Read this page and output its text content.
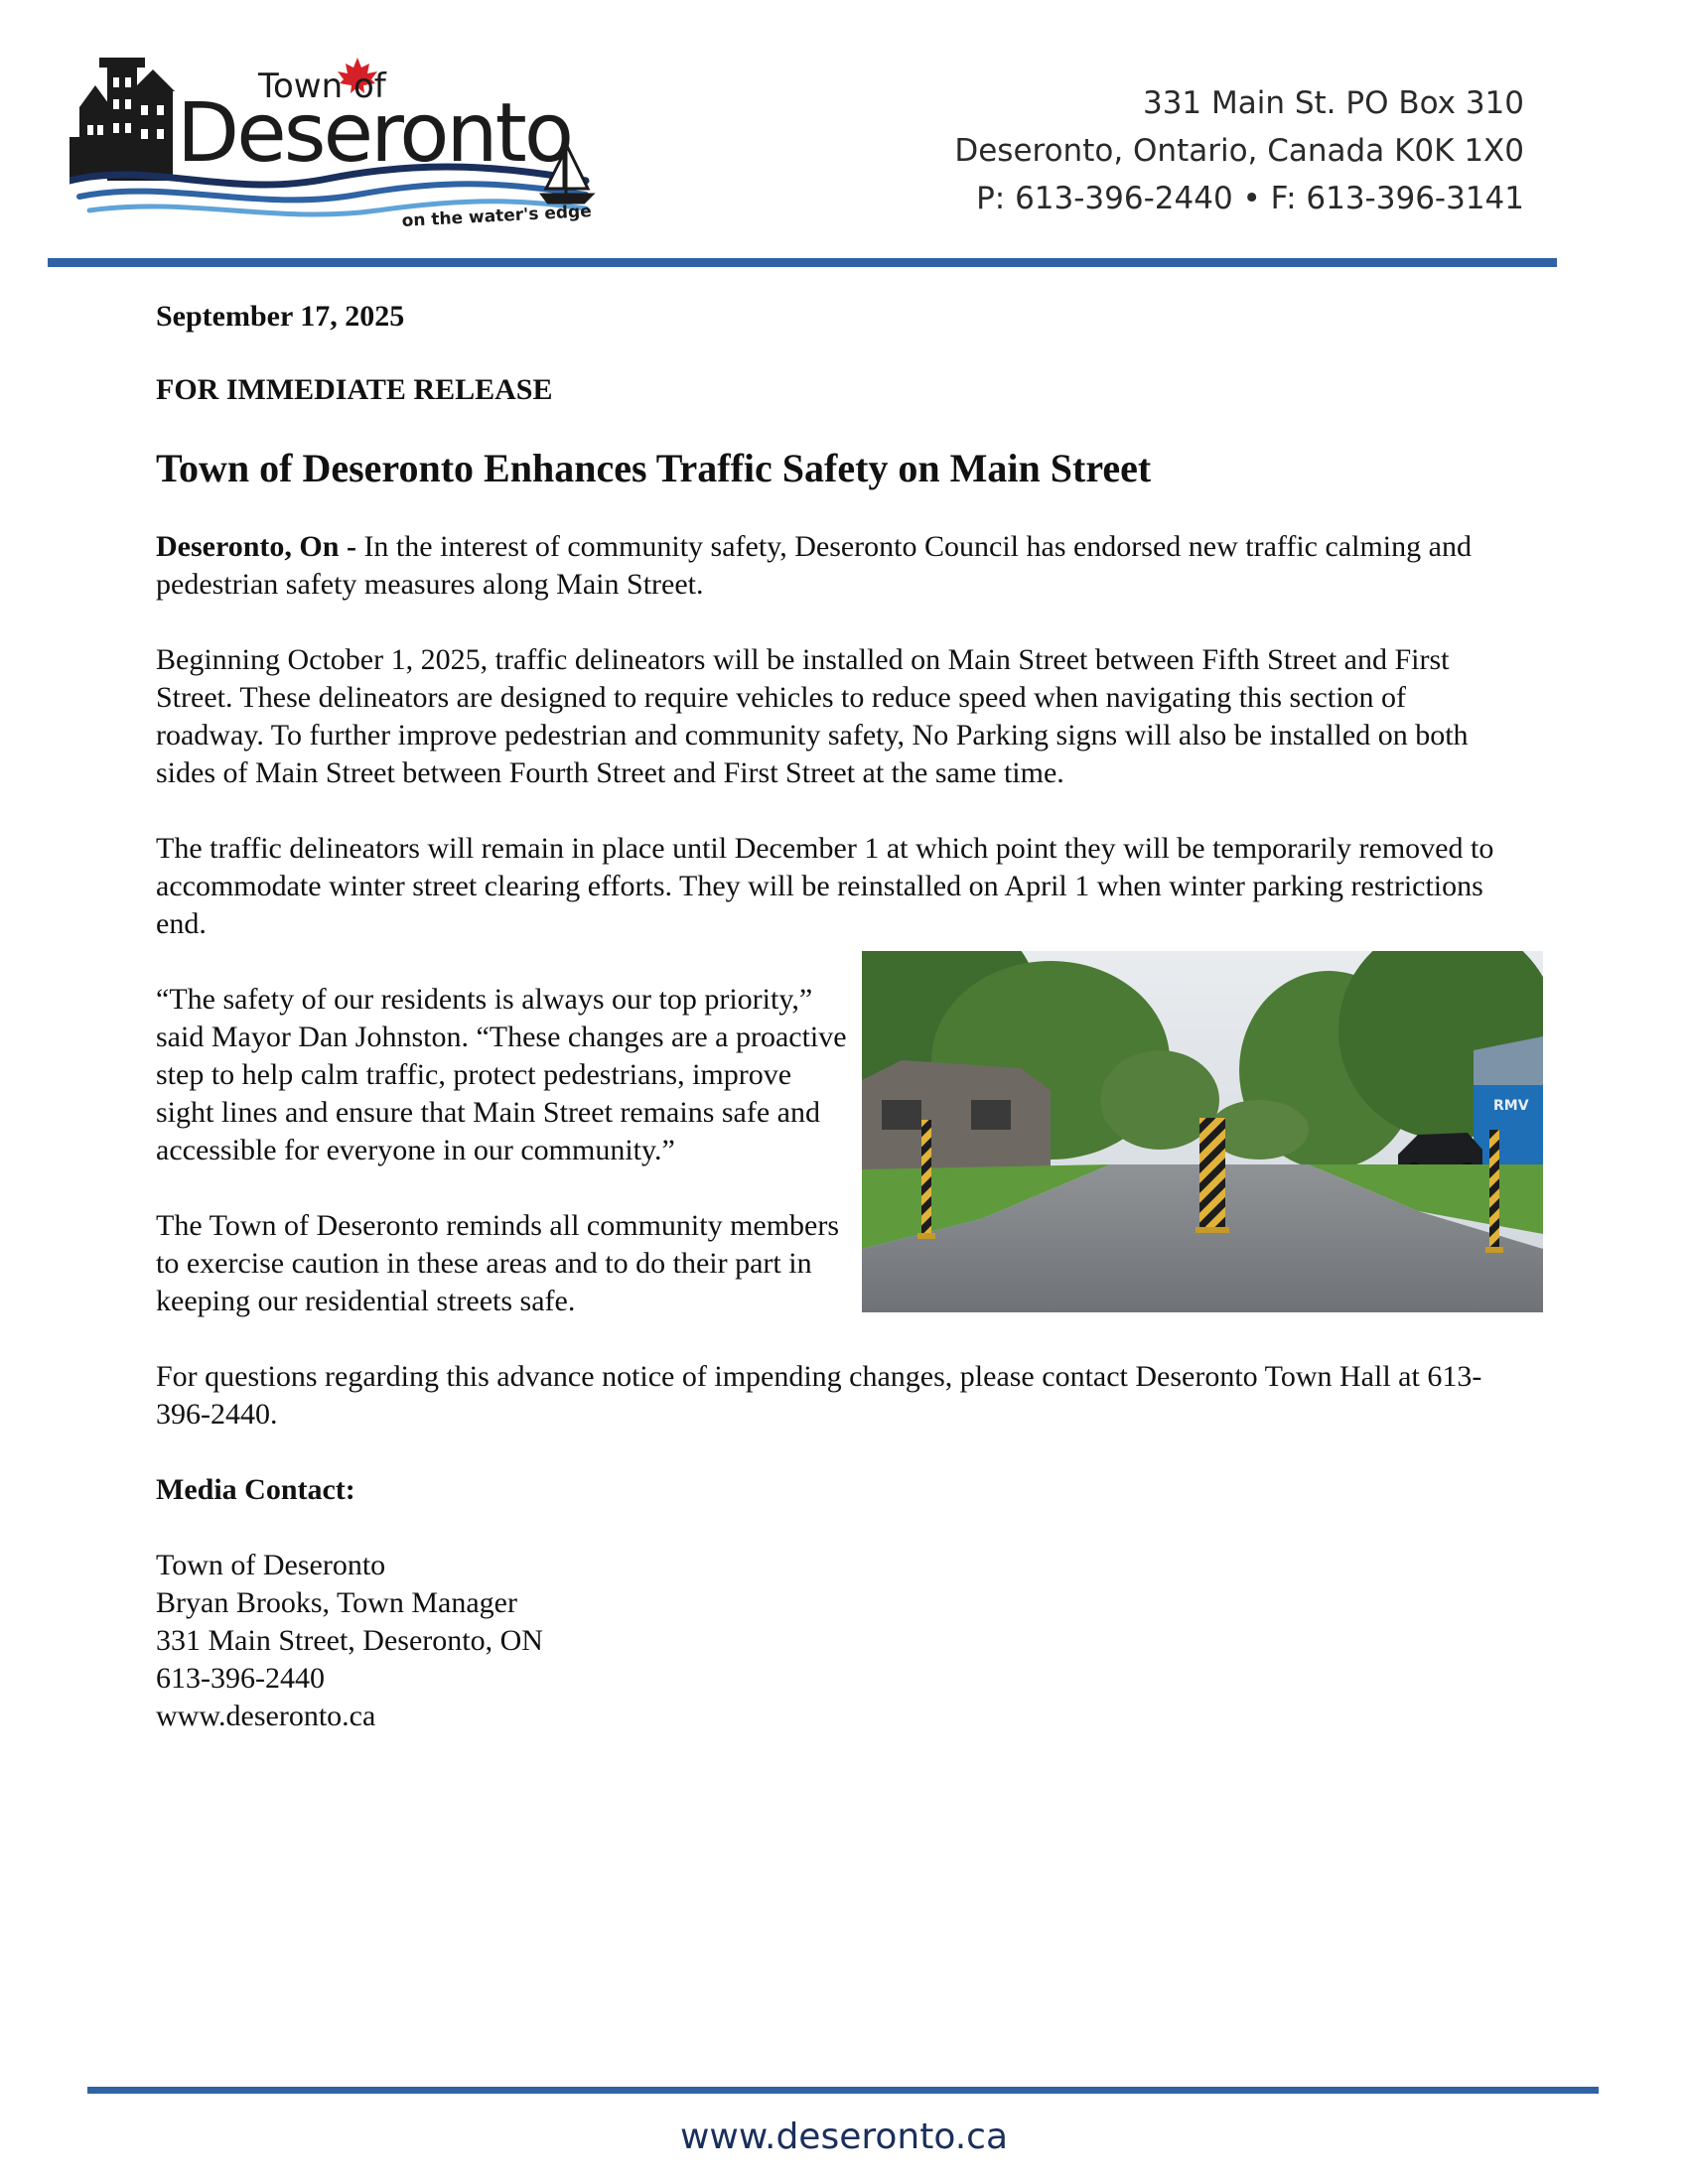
Town of
Deseronto
on the water's edge
331 Main St. PO Box 310
Deseronto, Ontario, Canada K0K 1X0
P: 613-396-2440 • F: 613-396-3141

September 17, 2025

FOR IMMEDIATE RELEASE

Town of Deseronto Enhances Traffic Safety on Main Street

Deseronto, On - In the interest of community safety, Deseronto Council has endorsed new traffic calming and pedestrian safety measures along Main Street.

Beginning October 1, 2025, traffic delineators will be installed on Main Street between Fifth Street and First Street. These delineators are designed to require vehicles to reduce speed when navigating this section of roadway. To further improve pedestrian and community safety, No Parking signs will also be installed on both sides of Main Street between Fourth Street and First Street at the same time.

The traffic delineators will remain in place until December 1 at which point they will be temporarily removed to accommodate winter street clearing efforts. They will be reinstalled on April 1 when winter parking restrictions end.

“The safety of our residents is always our top priority,” said Mayor Dan Johnston. “These changes are a proactive step to help calm traffic, protect pedestrians, improve sight lines and ensure that Main Street remains safe and accessible for everyone in our community.”

The Town of Deseronto reminds all community members to exercise caution in these areas and to do their part in keeping our residential streets safe.

For questions regarding this advance notice of impending changes, please contact Deseronto Town Hall at 613-396-2440.

Media Contact:

Town of Deseronto
Bryan Brooks, Town Manager
331 Main Street, Deseronto, ON
613-396-2440
www.deseronto.ca
RMV
www.deseronto.ca
